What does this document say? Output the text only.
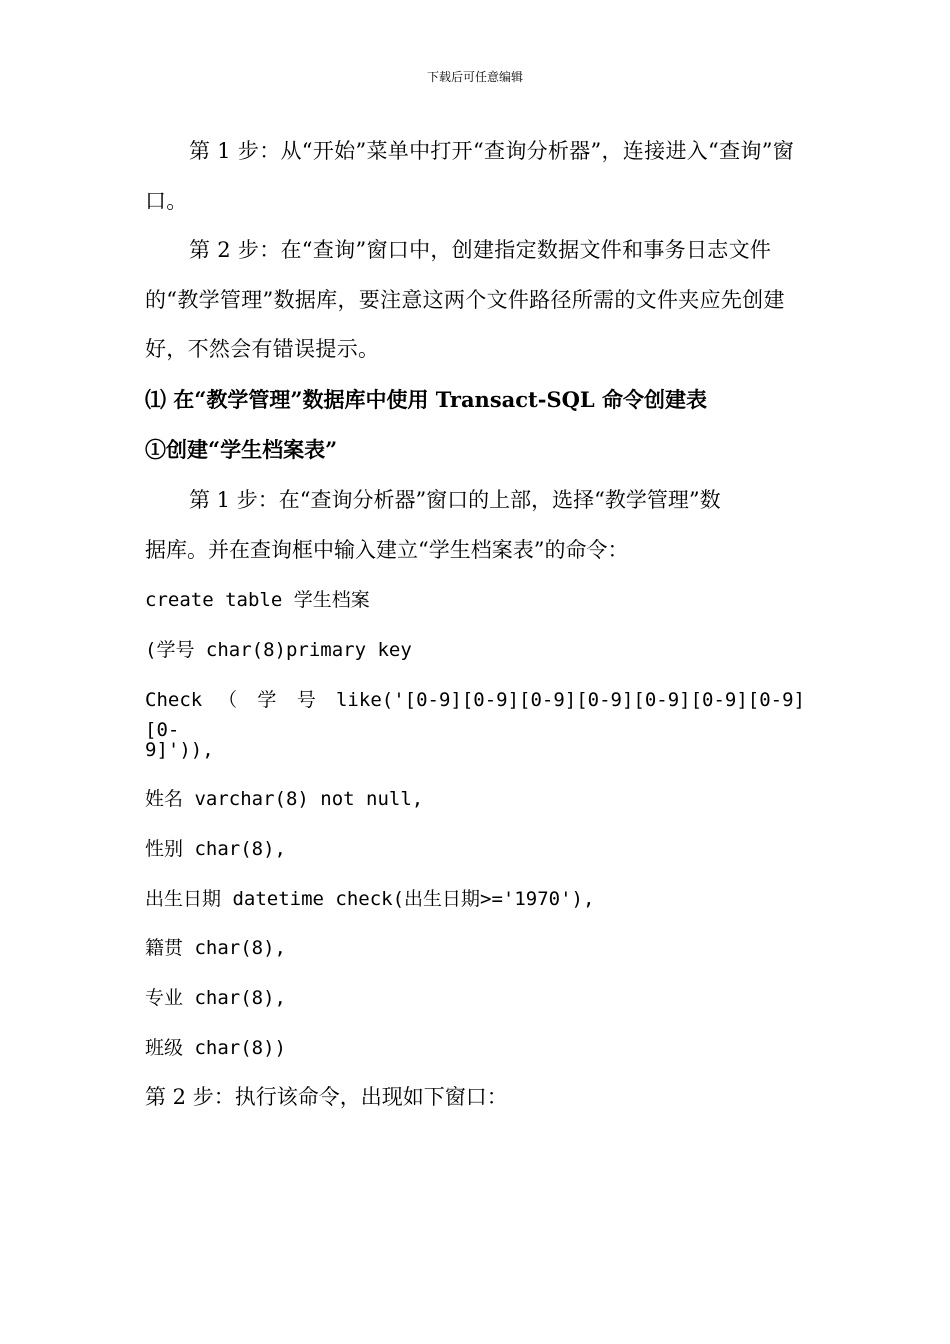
下载后可任意编辑
第 1 步：从“开始”菜单中打开“查询分析器”，连接进入“查询”窗口。
第 2 步：在“查询”窗口中，创建指定数据文件和事务日志文件的“教学管理”数据库，要注意这两个文件路径所需的文件夹应先创建好，不然会有错误提示。
⑴ 在“教学管理”数据库中使用 Transact-SQL 命令创建表
①创建“学生档案表”
第 1 步：在“查询分析器”窗口的上部，选择“教学管理”数
据库。并在查询框中输入建立“学生档案表”的命令：
create table 学生档案
(学号 char(8)primary key
Check （ 学 号 like('[0-9][0-9][0-9][0-9][0-9][0-9][0-9][0-
9]')),
姓名 varchar(8) not null,
性别 char(8),
出生日期 datetime check(出生日期>='1970'),
籍贯 char(8),
专业 char(8),
班级 char(8))
第 2 步：执行该命令，出现如下窗口：
